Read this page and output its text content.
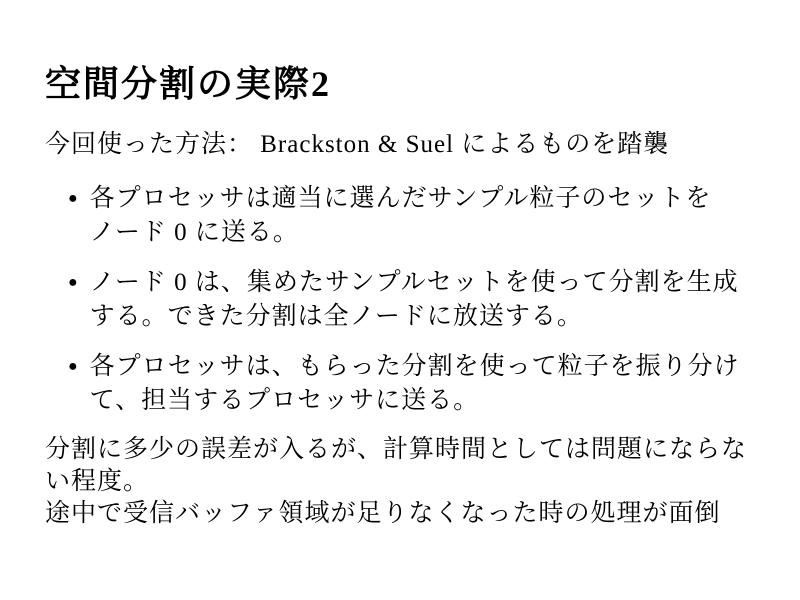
空間分割の実際2

今回使った方法： Brackston & Suel によるものを踏襲

● 各プロセッサは適当に選んだサンプル粒子のセットを
ノード 0 に送る。
● ノード 0 は、集めたサンプルセットを使って分割を生成
する。できた分割は全ノードに放送する。
● 各プロセッサは、もらった分割を使って粒子を振り分け
て、担当するプロセッサに送る。
分割に多少の誤差が入るが、計算時間としては問題にならな
い程度。
途中で受信バッファ領域が足りなくなった時の処理が面倒
